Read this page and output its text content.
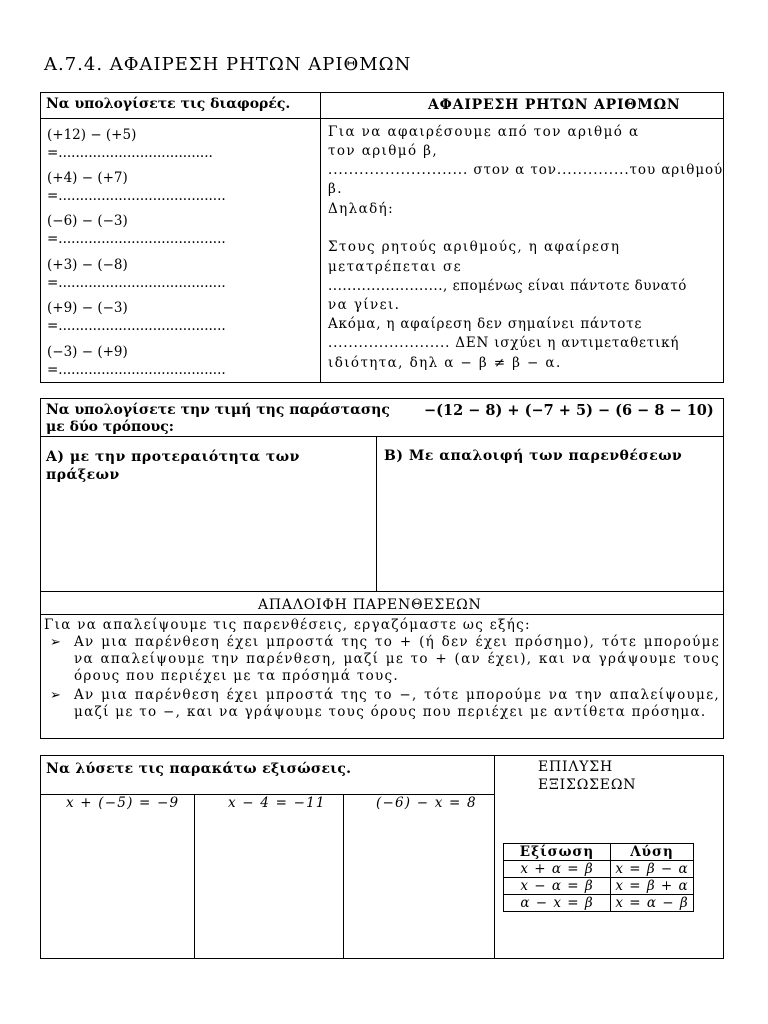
Α.7.4. ΑΦΑΙΡΕΣΗ ΡΗΤΩΝ ΑΡΙΘΜΩΝ
Να υπολογίσετε τις διαφορές.	ΑΦΑΙΡΕΣΗ ΡΗΤΩΝ ΑΡΙΘΜΩΝ
(+12) − (+5)
=....................................
(+4) − (+7)
=.......................................
(−6) − (−3)
=.......................................
(+3) − (−8)
=.......................................
(+9) − (−3)
=.......................................
(−3) − (+9)
=.......................................
Για να αφαιρέσουμε από τον αριθμό α
τον αριθμό β,
........................... στον α τον..............του αριθμού
β.
Δηλαδή:
Στους ρητούς αριθμούς, η αφαίρεση
μετατρέπεται σε
........................, επομένως είναι πάντοτε δυνατό
να γίνει.
Ακόμα, η αφαίρεση δεν σημαίνει πάντοτε
........................ ΔΕΝ ισχύει η αντιμεταθετική
ιδιότητα, δηλ α − β ≠ β − α.
Να υπολογίσετε την τιμή της παράστασης −(12 − 8) + (−7 + 5) − (6 − 8 − 10)
με δύο τρόπους:
A) με την προτεραιότητα των πράξεων
B) Με απαλοιφή των παρενθέσεων
ΑΠΑΛΟΙΦΗ ΠΑΡΕΝΘΕΣΕΩΝ
Για να απαλείψουμε τις παρενθέσεις, εργαζόμαστε ως εξής:
➢ Αν μια παρένθεση έχει μπροστά της το + (ή δεν έχει πρόσημο), τότε μπορούμε να απαλείψουμε την παρένθεση, μαζί με το + (αν έχει), και να γράψουμε τους όρους που περιέχει με τα πρόσημά τους.
➢ Αν μια παρένθεση έχει μπροστά της το −, τότε μπορούμε να την απαλείψουμε, μαζί με το −, και να γράψουμε τους όρους που περιέχει με αντίθετα πρόσημα.
Να λύσετε τις παρακάτω εξισώσεις.	ΕΠΙΛΥΣΗ
ΕΞΙΣΩΣΕΩΝ
x + (−5) = −9	x − 4 = −11	(−6) − x = 8
Εξίσωση	Λύση
x + α = β	x = β − α
x − α = β	x = β + α
α − x = β	x = α − β
